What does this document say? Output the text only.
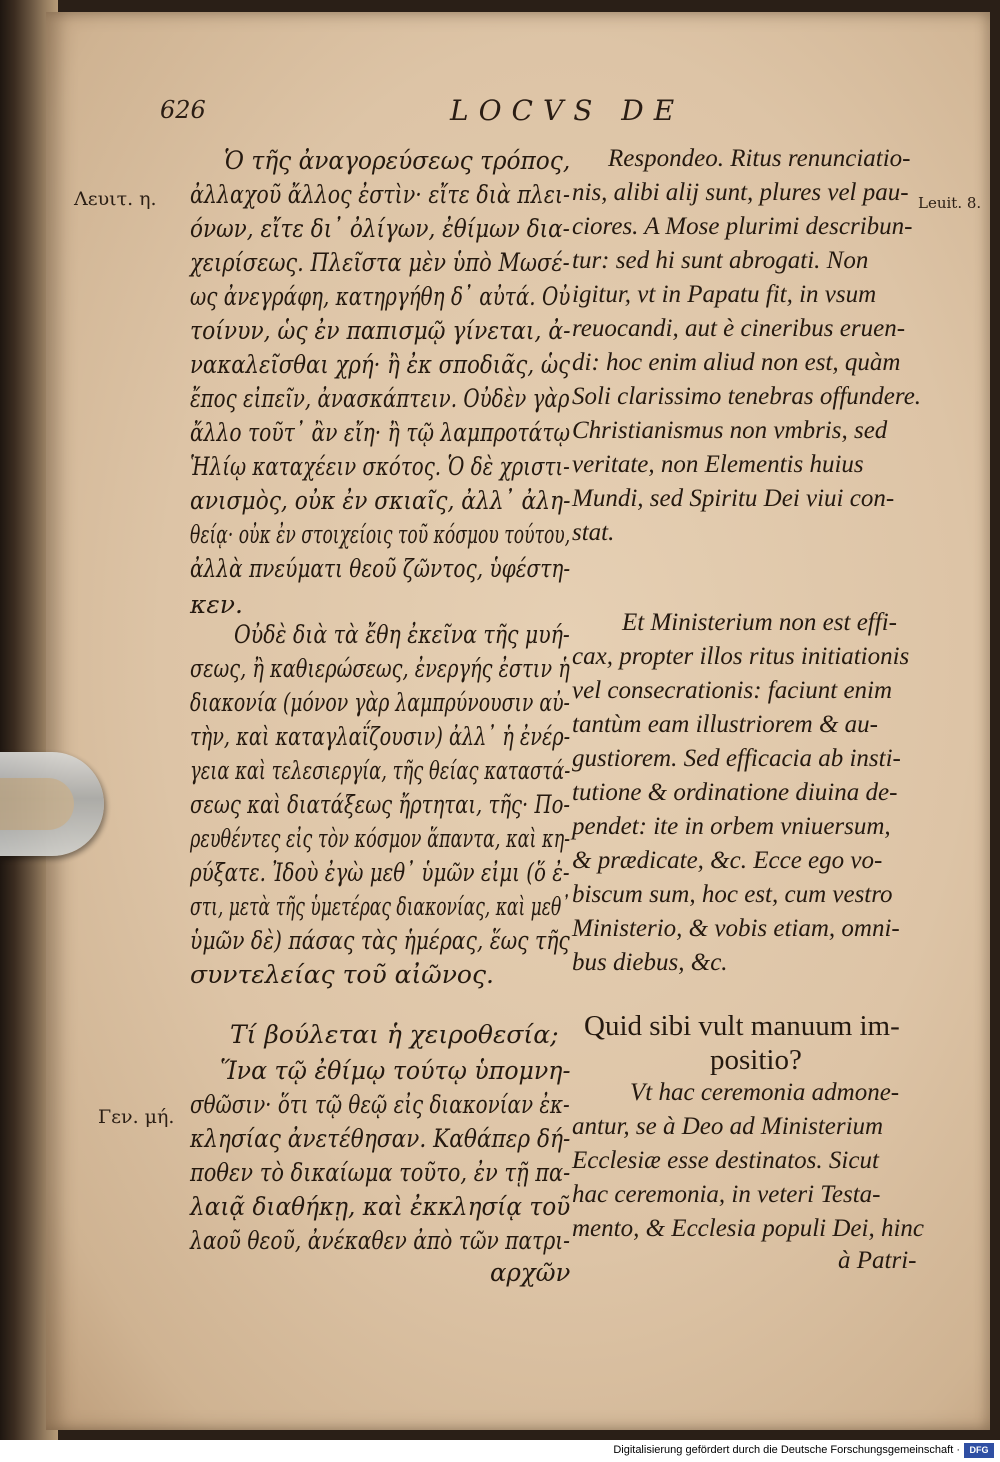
626	LOCVS DE
Λευιτ. η.	Leuit. 8.
Γεν. μή.
Ὁ τῆς ἀναγορεύσεως τρόπος,
ἀλλαχοῦ ἄλλος ἐστὶν· εἴτε διὰ πλει-
όνων, εἴτε δι᾽ ὀλίγων, ἐθίμων δια-
χειρίσεως. Πλεῖστα μὲν ὑπὸ Μωσέ-
ως ἀνεγράφη, κατηργήθη δ᾽ αὐτά. Οὐ
τοίνυν, ὡς ἐν παπισμῷ γίνεται, ἀ-
νακαλεῖσθαι χρή· ἢ ἐκ σποδιᾶς, ὡς
ἔπος εἰπεῖν, ἀνασκάπτειν. Οὐδὲν γὰρ
ἄλλο τοῦτ᾽ ἂν εἴη· ἢ τῷ λαμπροτάτῳ
Ἡλίῳ καταχέειν σκότος. Ὁ δὲ χριστι-
ανισμὸς, οὐκ ἐν σκιαῖς, ἀλλ᾽ ἀλη-
θείᾳ· οὐκ ἐν στοιχείοις τοῦ κόσμου τούτου,
ἀλλὰ πνεύματι θεοῦ ζῶντος, ὑφέστη-
κεν.
Οὐδὲ διὰ τὰ ἔθη ἐκεῖνα τῆς μυή-
σεως, ἢ καθιερώσεως, ἐνεργής ἐστιν ἡ
διακονία (μόνον γὰρ λαμπρύνουσιν αὐ-
τὴν, καὶ καταγλαΐζουσιν) ἀλλ᾽ ἡ ἐνέρ-
γεια καὶ τελεσιεργία, τῆς θείας καταστά-
σεως καὶ διατάξεως ἤρτηται, τῆς· Πο-
ρευθέντες εἰς τὸν κόσμον ἅπαντα, καὶ κη-
ρύξατε. Ἰδοὺ ἐγὼ μεθ᾽ ὑμῶν εἰμι (ὅ ἐ-
στι, μετὰ τῆς ὑμετέρας διακονίας, καὶ μεθ᾽
ὑμῶν δὲ) πάσας τὰς ἡμέρας, ἕως τῆς
συντελείας τοῦ αἰῶνος.
Τί βούλεται ἡ χειροθεσία;
Ἵνα τῷ ἐθίμῳ τούτῳ ὑπομνη-
σθῶσιν· ὅτι τῷ θεῷ εἰς διακονίαν ἐκ-
κλησίας ἀνετέθησαν. Καθάπερ δή-
ποθεν τὸ δικαίωμα τοῦτο, ἐν τῇ πα-
λαιᾷ διαθήκῃ, καὶ ἐκκλησίᾳ τοῦ
λαοῦ θεοῦ, ἀνέκαθεν ἀπὸ τῶν πατρι-
αρχῶν
Respondeo. Ritus renunciatio-
nis, alibi alij sunt, plures vel pau-
ciores. A Mose plurimi describun-
tur: sed hi sunt abrogati. Non
igitur, vt in Papatu fit, in vsum
reuocandi, aut è cineribus eruen-
di: hoc enim aliud non est, quàm
Soli clarissimo tenebras offundere.
Christianismus non vmbris, sed
veritate, non Elementis huius
Mundi, sed Spiritu Dei viui con-
stat.
Et Ministerium non est effi-
cax, propter illos ritus initiationis
vel consecrationis: faciunt enim
tantùm eam illustriorem & au-
gustiorem. Sed efficacia ab insti-
tutione & ordinatione diuina de-
pendet: ite in orbem vniuersum,
& prædicate, &c. Ecce ego vo-
biscum sum, hoc est, cum vestro
Ministerio, & vobis etiam, omni-
bus diebus, &c.
Quid sibi vult manuum im-
positio?
Vt hac ceremonia admone-
antur, se à Deo ad Ministerium
Ecclesiæ esse destinatos. Sicut
hac ceremonia, in veteri Testa-
mento, & Ecclesia populi Dei, hinc
à Patri-
Digitalisierung gefördert durch die Deutsche Forschungsgemeinschaft ·	DFG
